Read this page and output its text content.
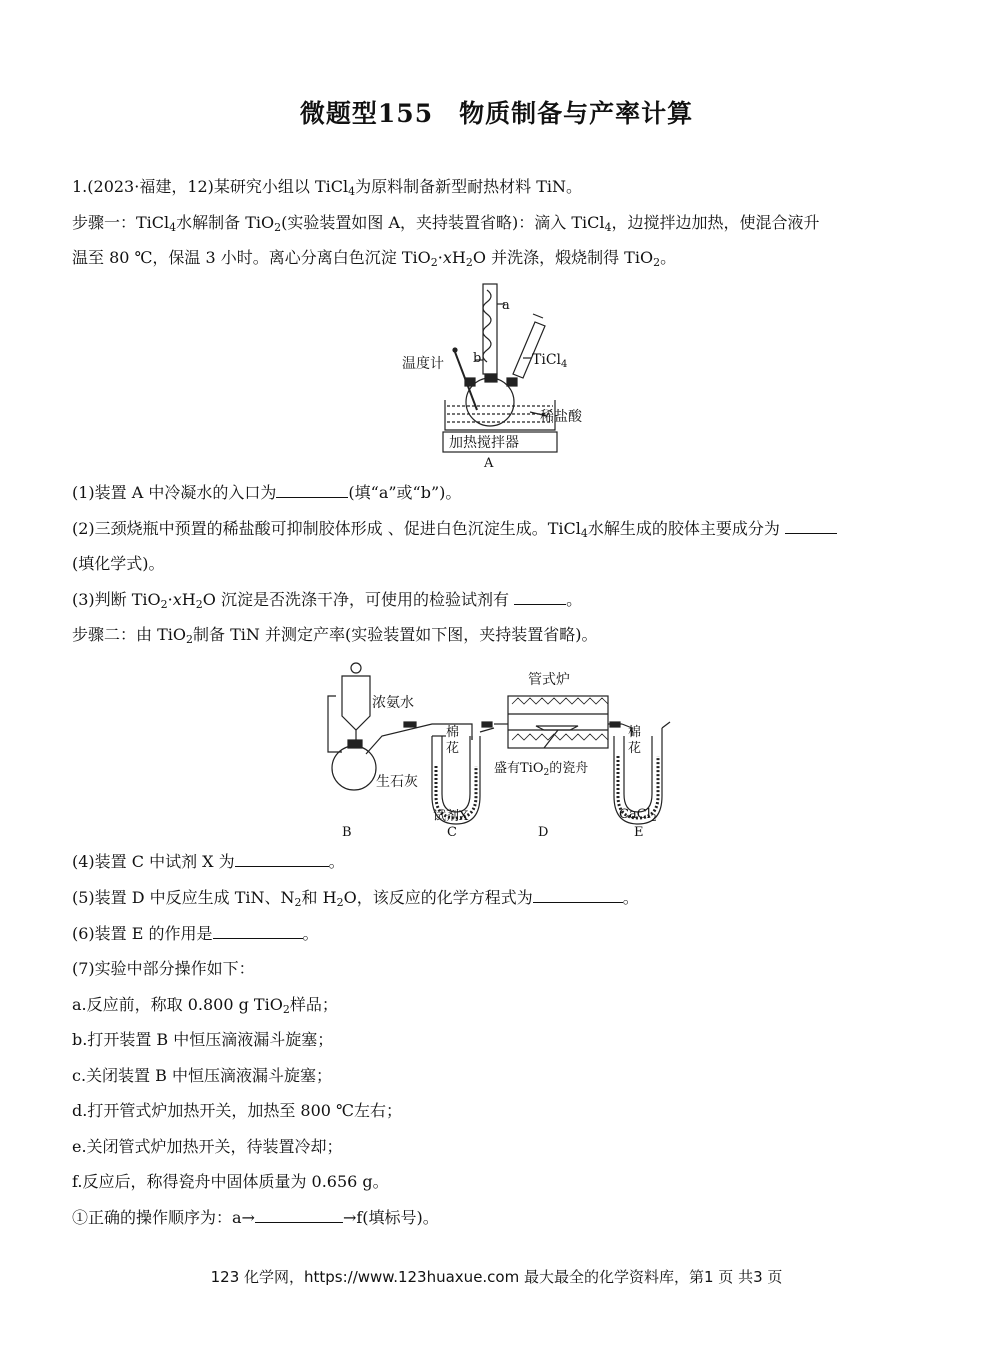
微题型155　物质制备与产率计算
1.(2023·福建，12)某研究小组以 TiCl$_4$为原料制备新型耐热材料 TiN。
步骤一：TiCl$_4$水解制备 TiO$_2$(实验装置如图 A，夹持装置省略)：滴入 TiCl$_4$，边搅拌边加热，使混合液升
温至 80 ℃，保温 3 小时。离心分离白色沉淀 $TiO_2\cdot xH_2O$ 并洗涤，煅烧制得 TiO$_2$。
a
b
温度计	TiCl$_4$
稀盐酸
加热搅拌器
A
(1)装置 A 中冷凝水的入口为	(填“a”或“b”)。
(2)三颈烧瓶中预置的稀盐酸可抑制胶体形成 、促进白色沉淀生成。TiCl$_4$水解生成的胶体主要成分为
(填化学式)。
(3)判断 $TiO_2\cdot xH_2O$ 沉淀是否洗涤干净，可使用的检验试剂有	。
步骤二：由 TiO$_2$制备 TiN 并测定产率(实验装置如下图，夹持装置省略)。
浓氨水
生石灰
棉
花
管式炉
盛有TiO$_2$的瓷舟
棉
花
试剂X	CaCl$_2$
B	C	D	E
(4)装置 C 中试剂 X 为	。
(5)装置 D 中反应生成 TiN、$N_2$和 $H_2O$，该反应的化学方程式为	。
(6)装置 E 的作用是	。
(7)实验中部分操作如下：
a.反应前，称取 0.800 g TiO$_2$样品；
b.打开装置 B 中恒压滴液漏斗旋塞；
c.关闭装置 B 中恒压滴液漏斗旋塞；
d.打开管式炉加热开关，加热至 800 ℃左右；
e.关闭管式炉加热开关，待装置冷却；
f.反应后，称得瓷舟中固体质量为 0.656 g。
①正确的操作顺序为：a→	→f(填标号)。
123 化学网，https://www.123huaxue.com 最大最全的化学资料库，第1 页 共3 页
